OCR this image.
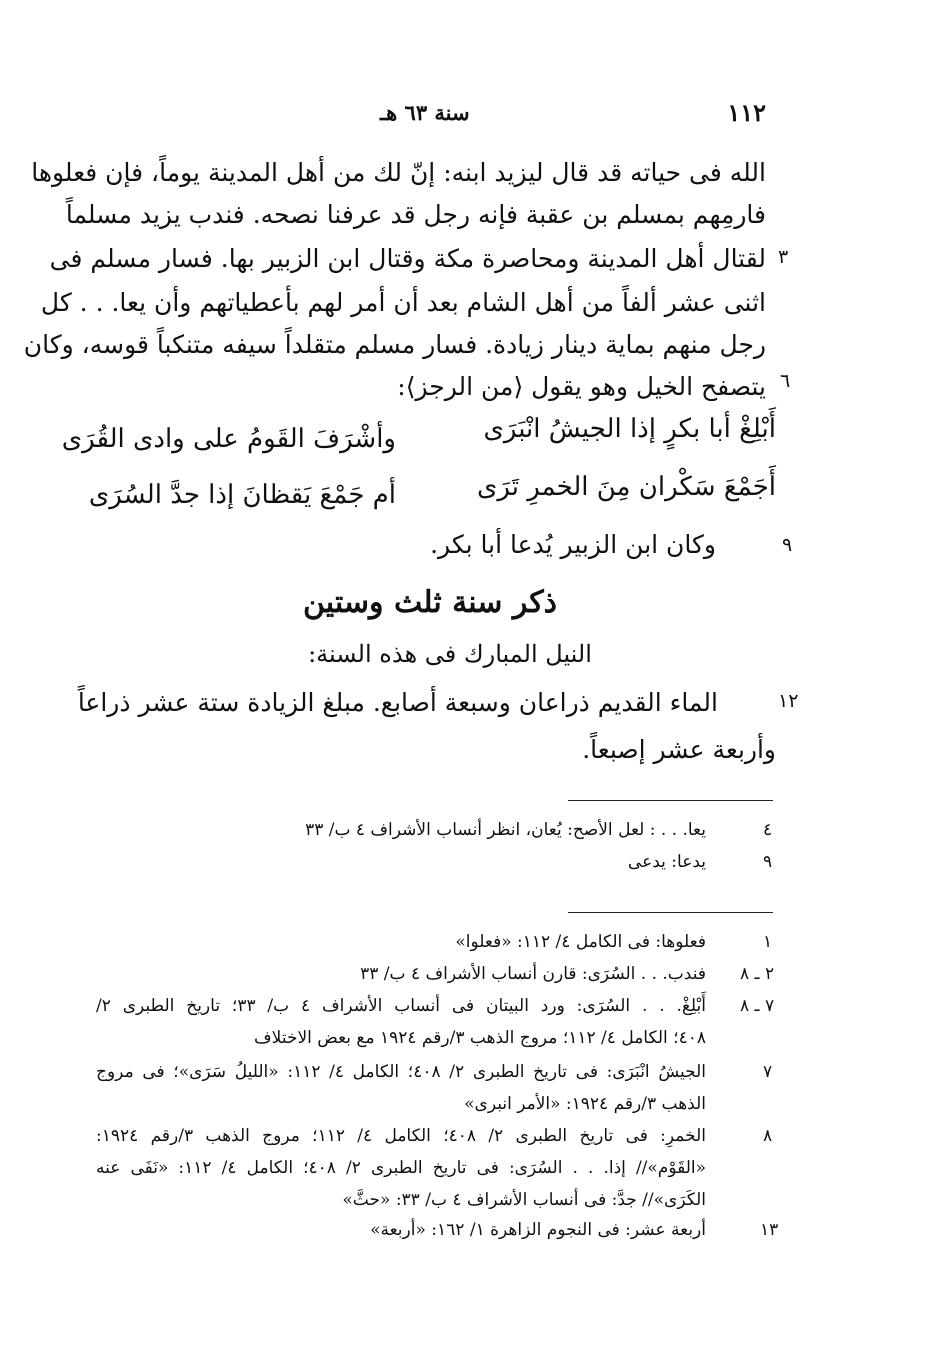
١١٢
سنة ٦٣ هـ
الله فى حياته قد قال ليزيد ابنه: إنّ لك من أهل المدينة يوماً، فإن فعلوها
فارمِهم بمسلم بن عقبة فإنه رجل قد عرفنا نصحه. فندب يزيد مسلماً
لقتال أهل المدينة ومحاصرة مكة وقتال ابن الزبير بها. فسار مسلم فى
اثنى عشر ألفاً من أهل الشام بعد أن أمر لهم بأعطياتهم وأن يعا. . . كل
رجل منهم بماية دينار زيادة. فسار مسلم متقلداً سيفه متنكباً قوسه، وكان
يتصفح الخيل وهو يقول ⟨من الرجز⟩:
٣
٦
٩
١٢
أَبْلِغْ أبا بكرٍ إذا الجيشُ انْبَرَى
وأشْرَفَ القَومُ على وادى القُرَى
أَجَمْعَ سَكْران مِنَ الخمرِ تَرَى
أم جَمْعَ يَقظانَ إذا جدَّ السُرَى
وكان ابن الزبير يُدعا أبا بكر.
ذكر سنة ثلث وستين
النيل المبارك فى هذه السنة:
الماء القديم ذراعان وسبعة أصابع. مبلغ الزيادة ستة عشر ذراعاً
وأربعة عشر إصبعاً.
٤
يعا. . . : لعل الأصح: يُعان، انظر أنساب الأشراف ٤ ب/ ٣٣
٩
يدعا: يدعى
١
فعلوها: فى الكامل ٤/ ١١٢: «فعلوا»
٢ ـ ٨
فندب. . . السُرَى: قارن أنساب الأشراف ٤ ب/ ٣٣
٧ ـ ٨
أَبْلِغْ. . . السُرَى: ورد البيتان فى أنساب الأشراف ٤ ب/ ٣٣؛ تاريخ الطبرى ٢/
٤٠٨؛ الكامل ٤/ ١١٢؛ مروج الذهب ٣/رقم ١٩٢٤ مع بعض الاختلاف
٧
الجيشُ انْبَرَى: فى تاريخ الطبرى ٢/ ٤٠٨؛ الكامل ٤/ ١١٢: «الليلُ سَرَى»؛ فى مروج
الذهب ٣/رقم ١٩٢٤: «الأمر انبرى»
٨
الخمرِ: فى تاريخ الطبرى ٢/ ٤٠٨؛ الكامل ٤/ ١١٢؛ مروج الذهب ٣/رقم ١٩٢٤:
«القَوْم»// إذا. . . السُرَى: فى تاريخ الطبرى ٢/ ٤٠٨؛ الكامل ٤/ ١١٢: «نَفَى عنه
الكَرَى»// جدَّ: فى أنساب الأشراف ٤ ب/ ٣٣: «حثَّ»
١٣
أربعة عشر: فى النجوم الزاهرة ١/ ١٦٢: «أربعة»
